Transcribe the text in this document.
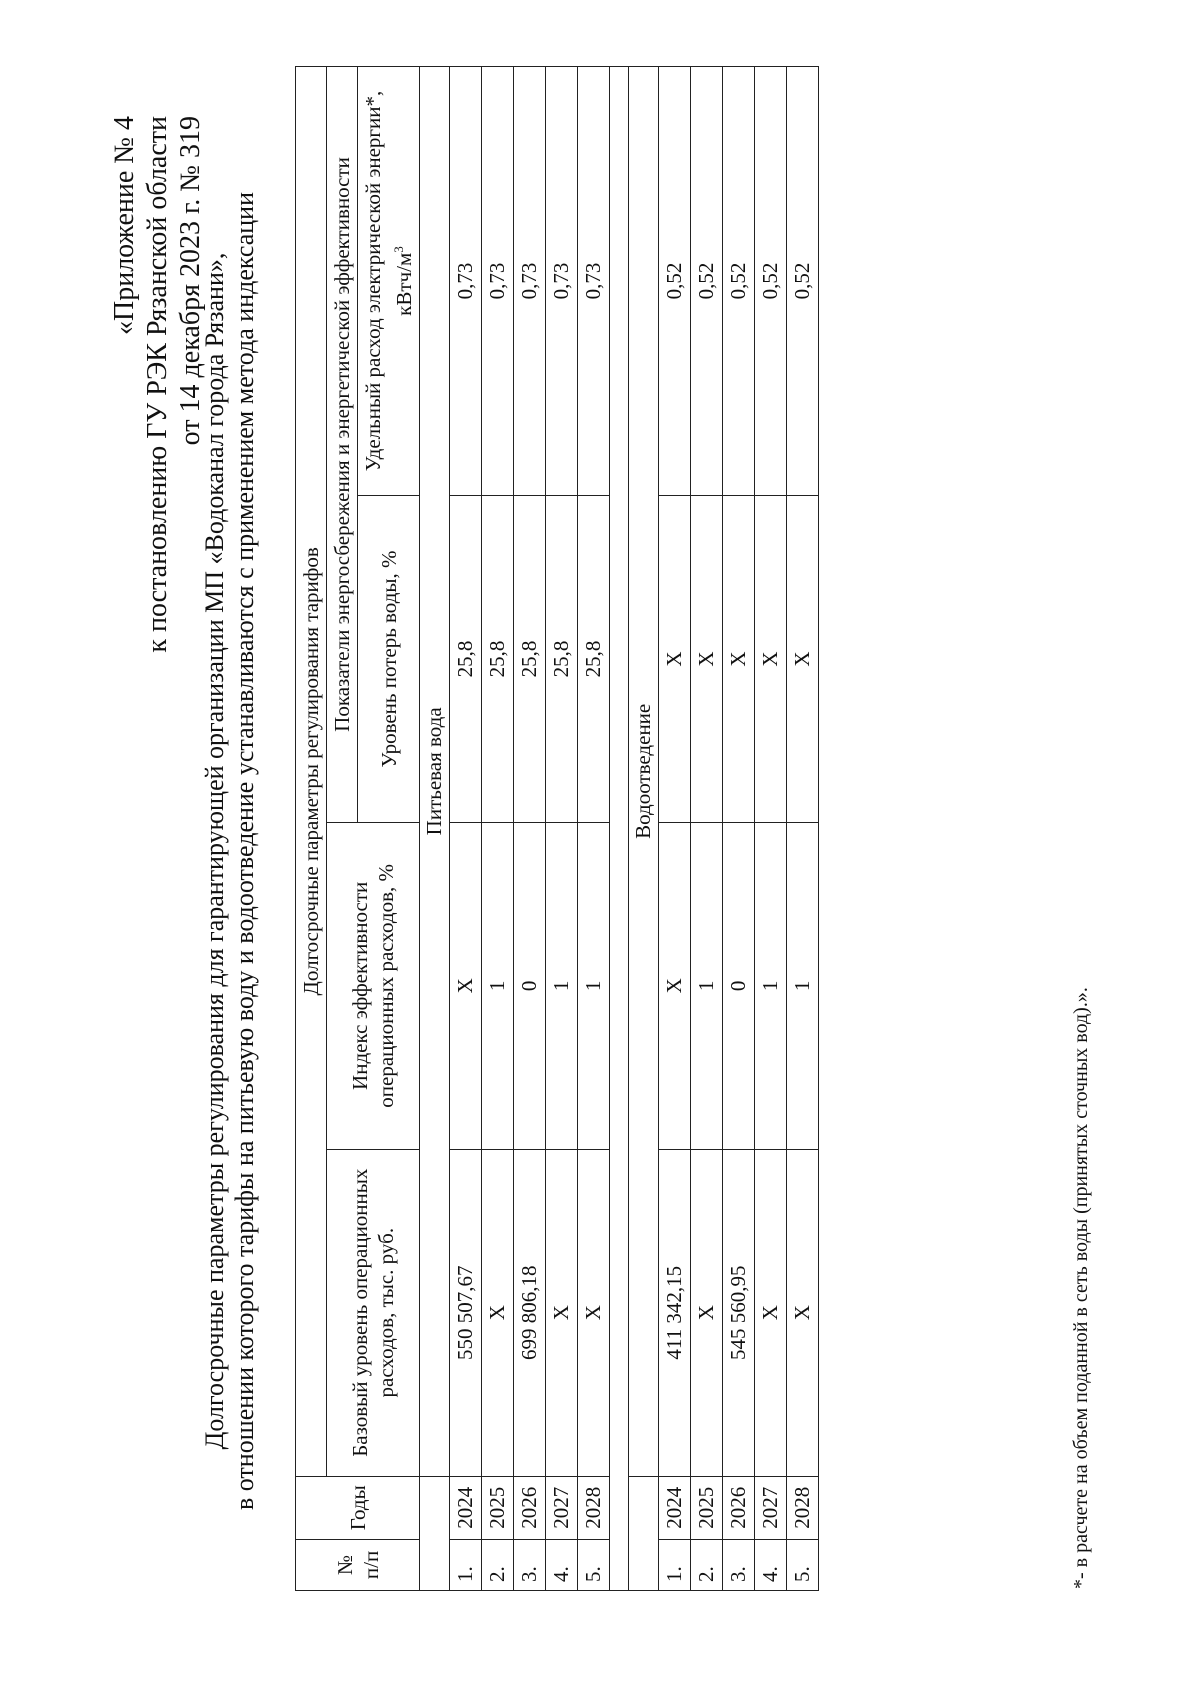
«Приложение № 4 к постановлению ГУ РЭК Рязанской области от 14 декабря 2023 г. № 319
Долгосрочные параметры регулирования для гарантирующей организации МП «Водоканал города Рязани», в отношении которого тарифы на питьевую воду и водоотведение устанавливаются с применением метода индексации
№ п/п	Годы	Долгосрочные параметры регулирования тарифов			
		Базовый уровень операционных расходов, тыс. руб.	Индекс эффективности операционных расходов, %	Показатели энергосбережения и энергетической эффективности	
				Уровень потерь воды, %	Удельный расход электрической энергии*, кВтч/$м^3$
		Питьевая вода			
1.	2024	550 507,67	X	25,8	0,73
2.	2025	X	1	25,8	0,73
3.	2026	699 806,18	0	25,8	0,73
4.	2027	X	1	25,8	0,73
5.	2028	X	1	25,8	0,73

		Водоотведение			
1.	2024	411 342,15	X	X	0,52
2.	2025	X	1	X	0,52
3.	2026	545 560,95	0	X	0,52
4.	2027	X	1	X	0,52
5.	2028	X	1	X	0,52
*- в расчете на объем поданной в сеть воды (принятых сточных вод).».
